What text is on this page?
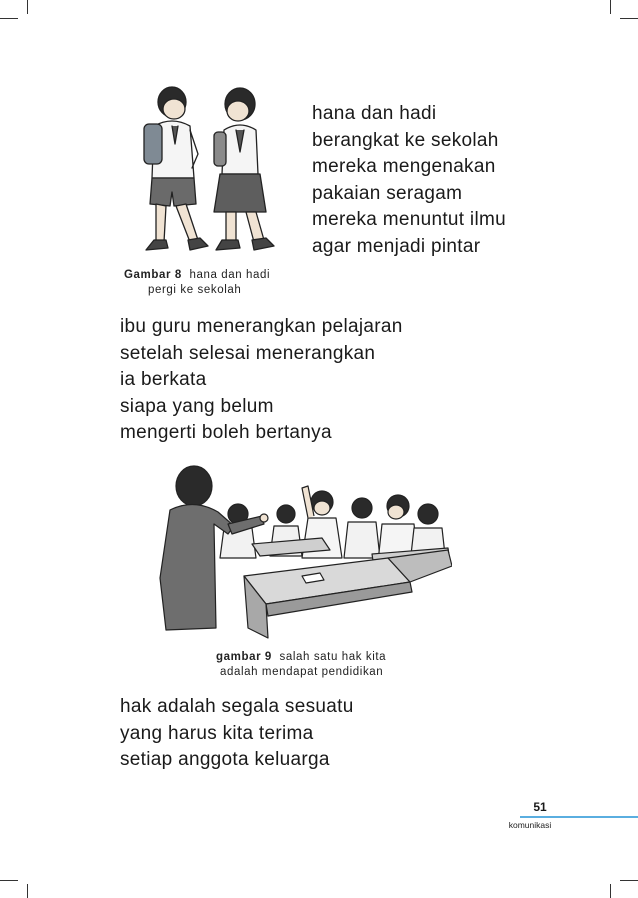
hana dan hadi
berangkat ke sekolah
mereka mengenakan
pakaian seragam
mereka menuntut ilmu
agar menjadi pintar
Gambar 8 hana dan hadi
pergi ke sekolah
ibu guru menerangkan pelajaran
setelah selesai menerangkan
ia berkata
siapa yang belum
mengerti boleh bertanya
gambar 9 salah satu hak kita
adalah mendapat pendidikan
hak adalah segala sesuatu
yang harus kita terima
setiap anggota keluarga
51
komunikasi
